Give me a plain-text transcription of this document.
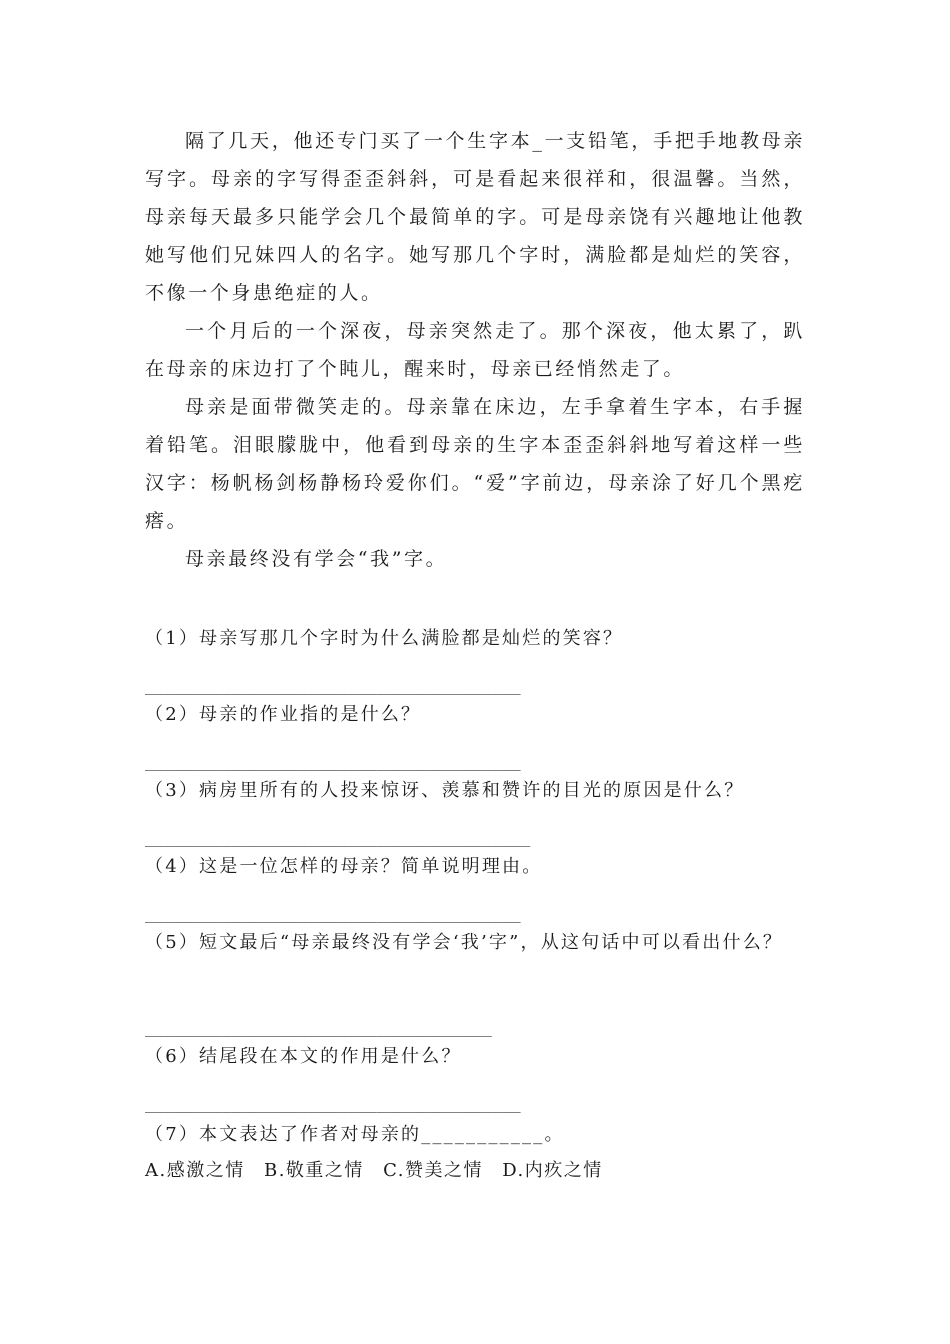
隔了几天，他还专门买了一个生字本_一支铅笔，手把手地教母亲写字。母亲的字写得歪歪斜斜，可是看起来很祥和，很温馨。当然，母亲每天最多只能学会几个最简单的字。可是母亲饶有兴趣地让他教她写他们兄妹四人的名字。她写那几个字时，满脸都是灿烂的笑容，不像一个身患绝症的人。

一个月后的一个深夜，母亲突然走了。那个深夜，他太累了，趴在母亲的床边打了个盹儿，醒来时，母亲已经悄然走了。

母亲是面带微笑走的。母亲靠在床边，左手拿着生字本，右手握着铅笔。泪眼朦胧中，他看到母亲的生字本歪歪斜斜地写着这样一些汉字：杨帆杨剑杨静杨玲爱你们。“爱”字前边，母亲涂了好几个黑疙瘩。

母亲最终没有学会“我”字。

（1）母亲写那几个字时为什么满脸都是灿烂的笑容？
_______________________________________
（2）母亲的作业指的是什么？
_______________________________________
（3）病房里所有的人投来惊讶、羡慕和赞许的目光的原因是什么？
________________________________________
（4）这是一位怎样的母亲？简单说明理由。
_______________________________________
（5）短文最后“母亲最终没有学会‘我’字”，从这句话中可以看出什么？
____________________________________
（6）结尾段在本文的作用是什么？
_______________________________________
（7）本文表达了作者对母亲的___________。
A.感激之情 B.敬重之情 C.赞美之情 D.内疚之情
